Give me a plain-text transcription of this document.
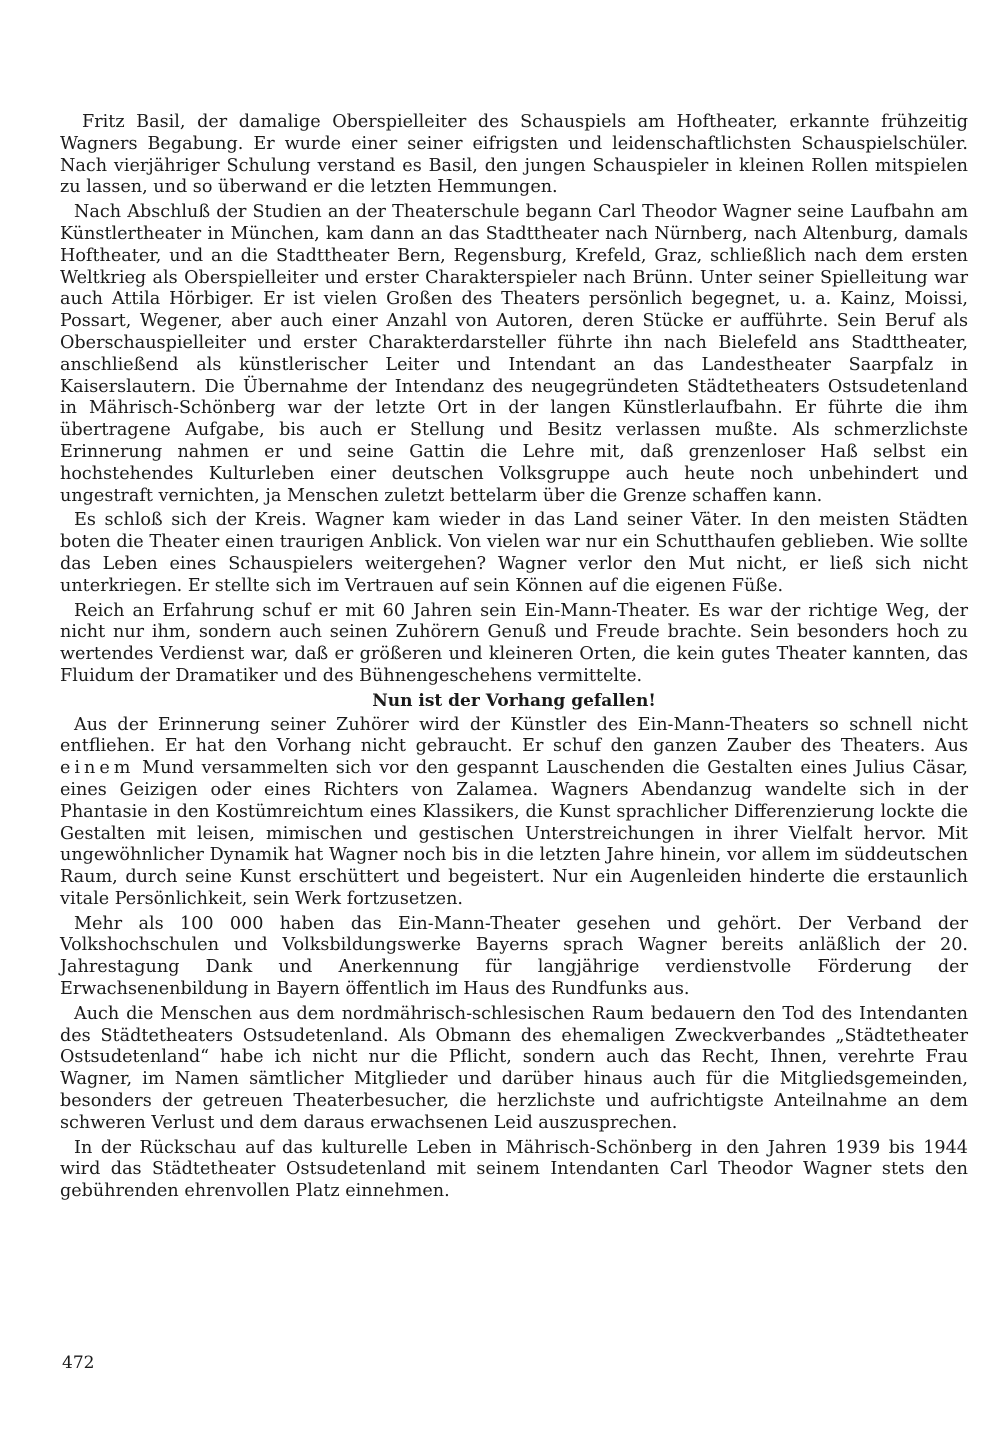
Fritz Basil, der damalige Oberspielleiter des Schauspiels am Hoftheater, erkannte frühzeitig Wagners Begabung. Er wurde einer seiner eifrigsten und leidenschaftlichsten Schauspielschüler. Nach vierjähriger Schulung verstand es Basil, den jungen Schauspieler in kleinen Rollen mitspielen zu lassen, und so überwand er die letzten Hemmungen.

Nach Abschluß der Studien an der Theaterschule begann Carl Theodor Wagner seine Laufbahn am Künstlertheater in München, kam dann an das Stadttheater nach Nürnberg, nach Altenburg, damals Hoftheater, und an die Stadttheater Bern, Regensburg, Krefeld, Graz, schließlich nach dem ersten Weltkrieg als Oberspielleiter und erster Charakterspieler nach Brünn. Unter seiner Spielleitung war auch Attila Hörbiger. Er ist vielen Großen des Theaters persönlich begegnet, u. a. Kainz, Moissi, Possart, Wegener, aber auch einer Anzahl von Autoren, deren Stücke er aufführte. Sein Beruf als Oberschauspielleiter und erster Charakterdarsteller führte ihn nach Bielefeld ans Stadttheater, anschließend als künstlerischer Leiter und Intendant an das Landestheater Saarpfalz in Kaiserslautern. Die Übernahme der Intendanz des neugegründeten Städtetheaters Ostsudetenland in Mährisch-Schönberg war der letzte Ort in der langen Künstlerlaufbahn. Er führte die ihm übertragene Aufgabe, bis auch er Stellung und Besitz verlassen mußte. Als schmerzlichste Erinnerung nahmen er und seine Gattin die Lehre mit, daß grenzenloser Haß selbst ein hochstehendes Kulturleben einer deutschen Volksgruppe auch heute noch unbehindert und ungestraft vernichten, ja Menschen zuletzt bettelarm über die Grenze schaffen kann.

Es schloß sich der Kreis. Wagner kam wieder in das Land seiner Väter. In den meisten Städten boten die Theater einen traurigen Anblick. Von vielen war nur ein Schutthaufen geblieben. Wie sollte das Leben eines Schauspielers weitergehen? Wagner verlor den Mut nicht, er ließ sich nicht unterkriegen. Er stellte sich im Vertrauen auf sein Können auf die eigenen Füße.

Reich an Erfahrung schuf er mit 60 Jahren sein Ein-Mann-Theater. Es war der richtige Weg, der nicht nur ihm, sondern auch seinen Zuhörern Genuß und Freude brachte. Sein besonders hoch zu wertendes Verdienst war, daß er größeren und kleineren Orten, die kein gutes Theater kannten, das Fluidum der Dramatiker und des Bühnengeschehens vermittelte.

Nun ist der Vorhang gefallen!

Aus der Erinnerung seiner Zuhörer wird der Künstler des Ein-Mann-Theaters so schnell nicht entfliehen. Er hat den Vorhang nicht gebraucht. Er schuf den ganzen Zauber des Theaters. Aus einem Mund versammelten sich vor den gespannt Lauschenden die Gestalten eines Julius Cäsar, eines Geizigen oder eines Richters von Zalamea. Wagners Abendanzug wandelte sich in der Phantasie in den Kostümreichtum eines Klassikers, die Kunst sprachlicher Differenzierung lockte die Gestalten mit leisen, mimischen und gestischen Unterstreichungen in ihrer Vielfalt hervor. Mit ungewöhnlicher Dynamik hat Wagner noch bis in die letzten Jahre hinein, vor allem im süddeutschen Raum, durch seine Kunst erschüttert und begeistert. Nur ein Augenleiden hinderte die erstaunlich vitale Persönlichkeit, sein Werk fortzusetzen.

Mehr als 100 000 haben das Ein-Mann-Theater gesehen und gehört. Der Verband der Volkshochschulen und Volksbildungswerke Bayerns sprach Wagner bereits anläßlich der 20. Jahrestagung Dank und Anerkennung für langjährige verdienstvolle Förderung der Erwachsenenbildung in Bayern öffentlich im Haus des Rundfunks aus.

Auch die Menschen aus dem nordmährisch-schlesischen Raum bedauern den Tod des Intendanten des Städtetheaters Ostsudetenland. Als Obmann des ehemaligen Zweckverbandes „Städtetheater Ostsudetenland“ habe ich nicht nur die Pflicht, sondern auch das Recht, Ihnen, verehrte Frau Wagner, im Namen sämtlicher Mitglieder und darüber hinaus auch für die Mitgliedsgemeinden, besonders der getreuen Theaterbesucher, die herzlichste und aufrichtigste Anteilnahme an dem schweren Verlust und dem daraus erwachsenen Leid auszusprechen.

In der Rückschau auf das kulturelle Leben in Mährisch-Schönberg in den Jahren 1939 bis 1944 wird das Städtetheater Ostsudetenland mit seinem Intendanten Carl Theodor Wagner stets den gebührenden ehrenvollen Platz einnehmen.

472
